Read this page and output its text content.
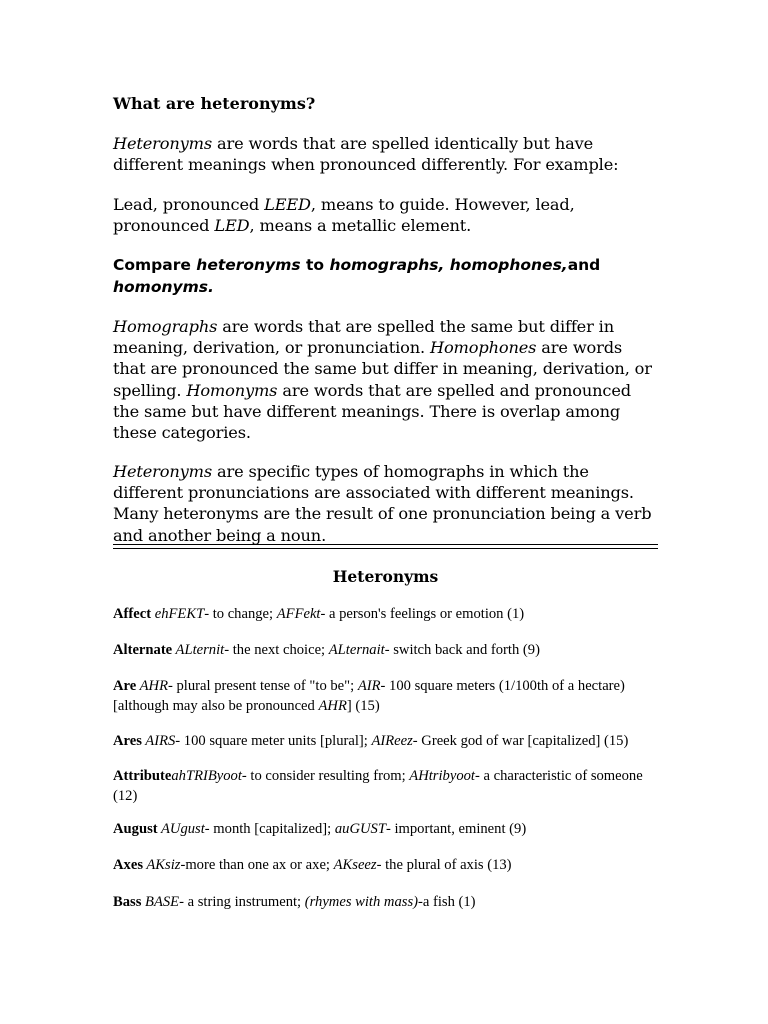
What are heteronyms?

Heteronyms are words that are spelled identically but have different meanings when pronounced differently. For example:

Lead, pronounced LEED, means to guide. However, lead, pronounced LED, means a metallic element.

Compare heteronyms to homographs, homophones,and
homonyms.

Homographs are words that are spelled the same but differ in meaning, derivation, or pronunciation. Homophones are words that are pronounced the same but differ in meaning, derivation, or spelling. Homonyms are words that are spelled and pronounced the same but have different meanings. There is overlap among these categories.

Heteronyms are specific types of homographs in which the different pronunciations are associated with different meanings. Many heteronyms are the result of one pronunciation being a verb and another being a noun.

Heteronyms

Affect ehFEKT- to change; AFFekt- a person's feelings or emotion (1)

Alternate ALternit- the next choice; ALternait- switch back and forth (9)

Are AHR- plural present tense of "to be"; AIR- 100 square meters (1/100th of a hectare) [although may also be pronounced AHR] (15)

Ares AIRS- 100 square meter units [plural]; AIReez- Greek god of war [capitalized] (15)

AttributeahTRIByoot- to consider resulting from; AHtribyoot- a characteristic of someone (12)

August AUgust- month [capitalized]; auGUST- important, eminent (9)

Axes AKsiz-more than one ax or axe; AKseez- the plural of axis (13)

Bass BASE- a string instrument; (rhymes with mass)-a fish (1)
